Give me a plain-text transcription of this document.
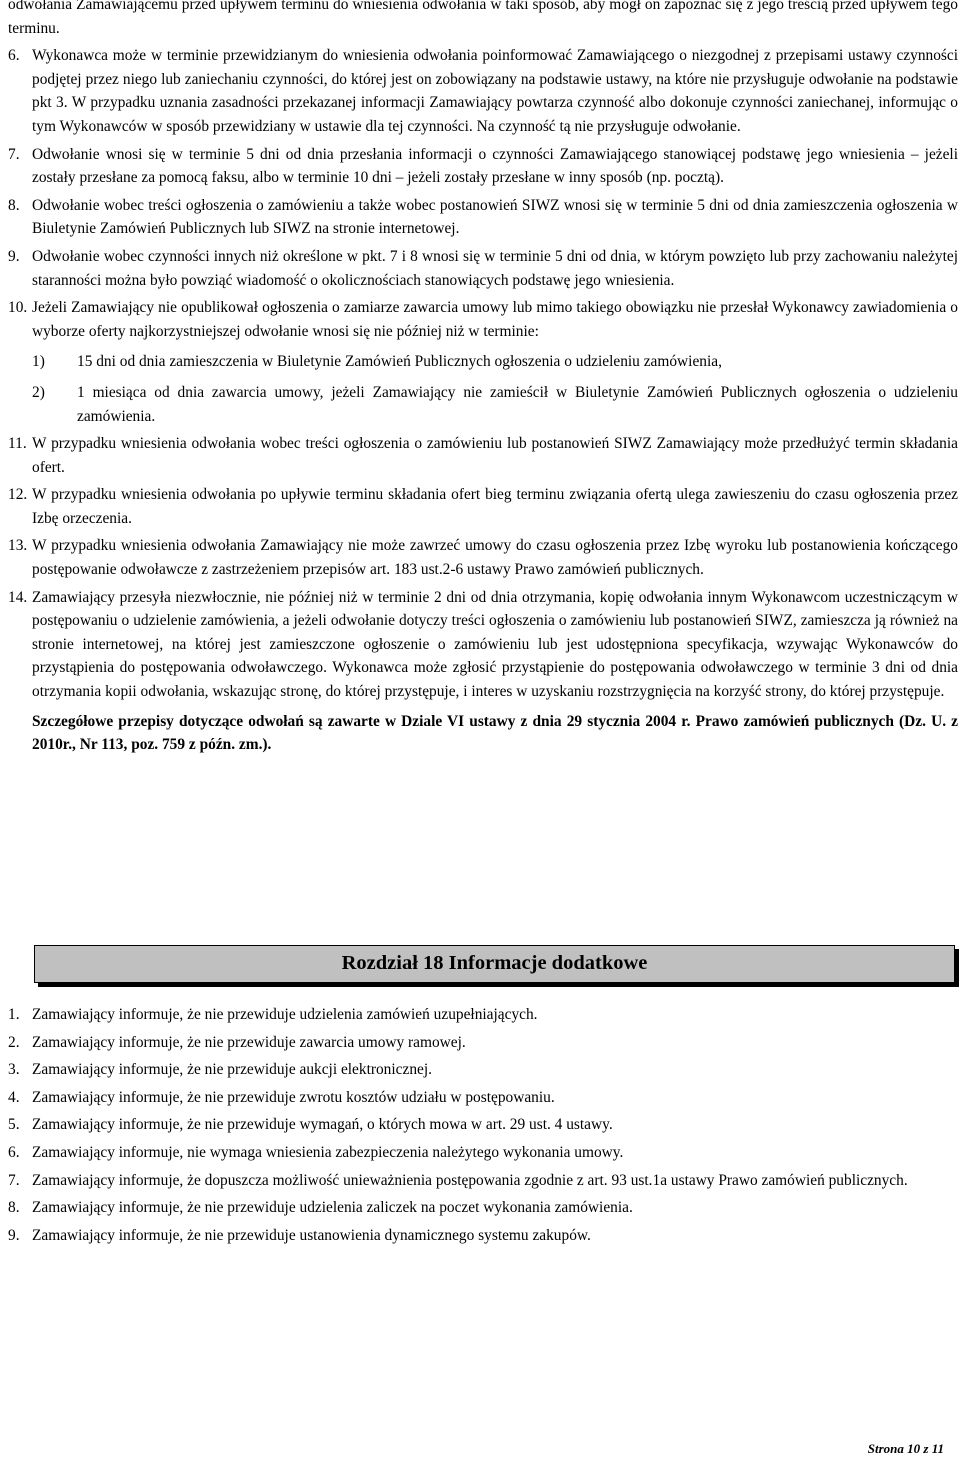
odwołania Zamawiającemu przed upływem terminu do wniesienia odwołania w taki sposób, aby mógł on zapoznać się z jego treścią przed upływem tego terminu.

6. Wykonawca może w terminie przewidzianym do wniesienia odwołania poinformować Zamawiającego o niezgodnej z przepisami ustawy czynności podjętej przez niego lub zaniechaniu czynności, do której jest on zobowiązany na podstawie ustawy, na które nie przysługuje odwołanie na podstawie pkt 3. W przypadku uznania zasadności przekazanej informacji Zamawiający powtarza czynność albo dokonuje czynności zaniechanej, informując o tym Wykonawców w sposób przewidziany w ustawie dla tej czynności. Na czynność tą nie przysługuje odwołanie.
7. Odwołanie wnosi się w terminie 5 dni od dnia przesłania informacji o czynności Zamawiającego stanowiącej podstawę jego wniesienia – jeżeli zostały przesłane za pomocą faksu, albo w terminie 10 dni – jeżeli zostały przesłane w inny sposób (np. pocztą).
8. Odwołanie wobec treści ogłoszenia o zamówieniu a także wobec postanowień SIWZ wnosi się w terminie 5 dni od dnia zamieszczenia ogłoszenia w Biuletynie Zamówień Publicznych lub SIWZ na stronie internetowej.
9. Odwołanie wobec czynności innych niż określone w pkt. 7 i 8 wnosi się w terminie 5 dni od dnia, w którym powzięto lub przy zachowaniu należytej staranności można było powziąć wiadomość o okolicznościach stanowiących podstawę jego wniesienia.
10. Jeżeli Zamawiający nie opublikował ogłoszenia o zamiarze zawarcia umowy lub mimo takiego obowiązku nie przesłał Wykonawcy zawiadomienia o wyborze oferty najkorzystniejszej odwołanie wnosi się nie później niż w terminie:
1) 15 dni od dnia zamieszczenia w Biuletynie Zamówień Publicznych ogłoszenia o udzieleniu zamówienia,
2) 1 miesiąca od dnia zawarcia umowy, jeżeli Zamawiający nie zamieścił w Biuletynie Zamówień Publicznych ogłoszenia o udzieleniu zamówienia.
11. W przypadku wniesienia odwołania wobec treści ogłoszenia o zamówieniu lub postanowień SIWZ Zamawiający może przedłużyć termin składania ofert.
12. W przypadku wniesienia odwołania po upływie terminu składania ofert bieg terminu związania ofertą ulega zawieszeniu do czasu ogłoszenia przez Izbę orzeczenia.
13. W przypadku wniesienia odwołania Zamawiający nie może zawrzeć umowy do czasu ogłoszenia przez Izbę wyroku lub postanowienia kończącego postępowanie odwoławcze z zastrzeżeniem przepisów art. 183 ust.2-6 ustawy Prawo zamówień publicznych.
14. Zamawiający przesyła niezwłocznie, nie później niż w terminie 2 dni od dnia otrzymania, kopię odwołania innym Wykonawcom uczestniczącym w postępowaniu o udzielenie zamówienia, a jeżeli odwołanie dotyczy treści ogłoszenia o zamówieniu lub postanowień SIWZ, zamieszcza ją również na stronie internetowej, na której jest zamieszczone ogłoszenie o zamówieniu lub jest udostępniona specyfikacja, wzywając Wykonawców do przystąpienia do postępowania odwoławczego. Wykonawca może zgłosić przystąpienie do postępowania odwoławczego w terminie 3 dni od dnia otrzymania kopii odwołania, wskazując stronę, do której przystępuje, i interes w uzyskaniu rozstrzygnięcia na korzyść strony, do której przystępuje.

Szczegółowe przepisy dotyczące odwołań są zawarte w Dziale VI ustawy z dnia 29 stycznia 2004 r. Prawo zamówień publicznych (Dz. U. z 2010r., Nr 113, poz. 759 z późn. zm.).

Rozdział 18 Informacje dodatkowe
1. Zamawiający informuje, że nie przewiduje udzielenia zamówień uzupełniających.
2. Zamawiający informuje, że nie przewiduje zawarcia umowy ramowej.
3. Zamawiający informuje, że nie przewiduje aukcji elektronicznej.
4. Zamawiający informuje, że nie przewiduje zwrotu kosztów udziału w postępowaniu.
5. Zamawiający informuje, że nie przewiduje wymagań, o których mowa w art. 29 ust. 4 ustawy.
6. Zamawiający informuje, nie wymaga wniesienia zabezpieczenia należytego wykonania umowy.
7. Zamawiający informuje, że dopuszcza możliwość unieważnienia postępowania zgodnie z art. 93 ust.1a ustawy Prawo zamówień publicznych.
8. Zamawiający informuje, że nie przewiduje udzielenia zaliczek na poczet wykonania zamówienia.
9. Zamawiający informuje, że nie przewiduje ustanowienia dynamicznego systemu zakupów.
Strona 10 z 11
